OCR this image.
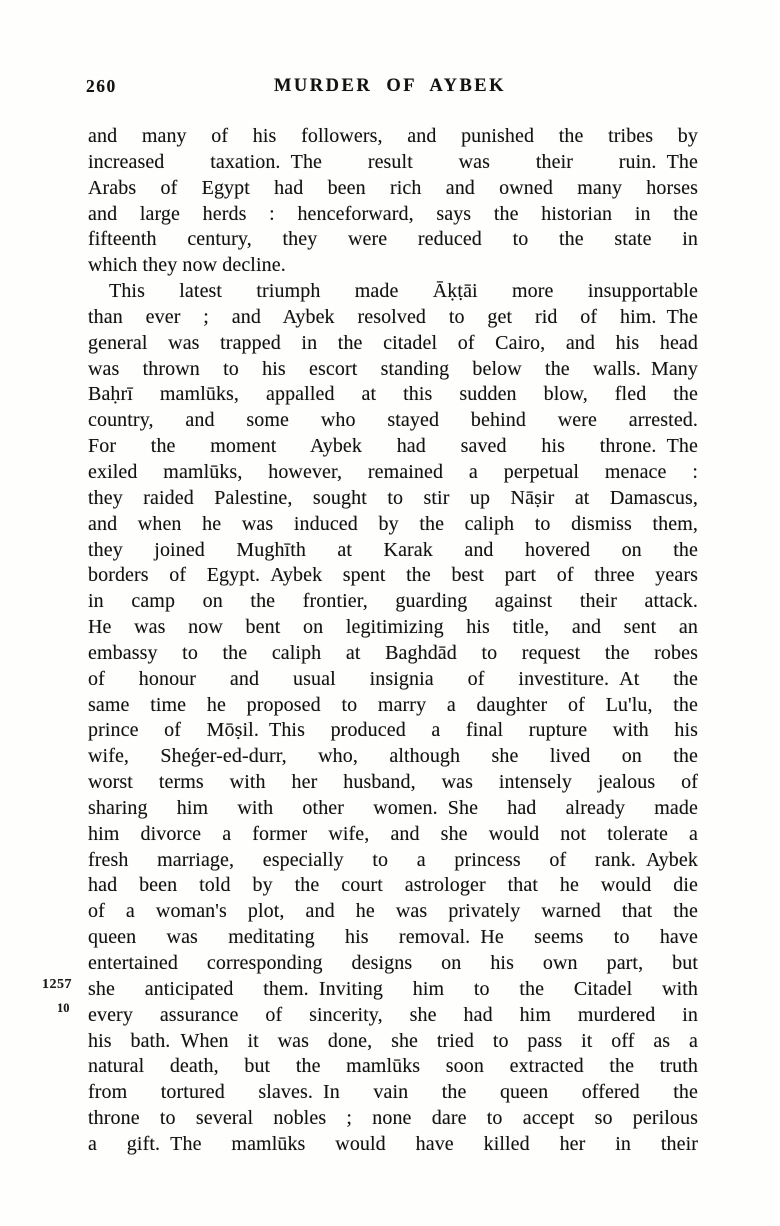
260	MURDER OF AYBEK
1257
10
and many of his followers, and punished the tribes by
increased taxation. The result was their ruin. The
Arabs of Egypt had been rich and owned many horses
and large herds : henceforward, says the historian in the
fifteenth century, they were reduced to the state in
which they now decline.
This latest triumph made Āḳṭāi more insupportable
than ever ; and Aybek resolved to get rid of him. The
general was trapped in the citadel of Cairo, and his head
was thrown to his escort standing below the walls. Many
Baḥrī mamlūks, appalled at this sudden blow, fled the
country, and some who stayed behind were arrested.
For the moment Aybek had saved his throne. The
exiled mamlūks, however, remained a perpetual menace :
they raided Palestine, sought to stir up Nāṣir at Damascus,
and when he was induced by the caliph to dismiss them,
they joined Mughīth at Karak and hovered on the
borders of Egypt. Aybek spent the best part of three years
in camp on the frontier, guarding against their attack.
He was now bent on legitimizing his title, and sent an
embassy to the caliph at Baghdād to request the robes
of honour and usual insignia of investiture. At the
same time he proposed to marry a daughter of Lu'lu, the
prince of Mōṣil. This produced a final rupture with his
wife, Sheǵer-ed-durr, who, although she lived on the
worst terms with her husband, was intensely jealous of
sharing him with other women. She had already made
him divorce a former wife, and she would not tolerate a
fresh marriage, especially to a princess of rank. Aybek
had been told by the court astrologer that he would die
of a woman's plot, and he was privately warned that the
queen was meditating his removal. He seems to have
entertained corresponding designs on his own part, but
she anticipated them. Inviting him to the Citadel with
every assurance of sincerity, she had him murdered in
his bath. When it was done, she tried to pass it off as a
natural death, but the mamlūks soon extracted the truth
from tortured slaves. In vain the queen offered the
throne to several nobles ; none dare to accept so perilous
a gift. The mamlūks would have killed her in their
